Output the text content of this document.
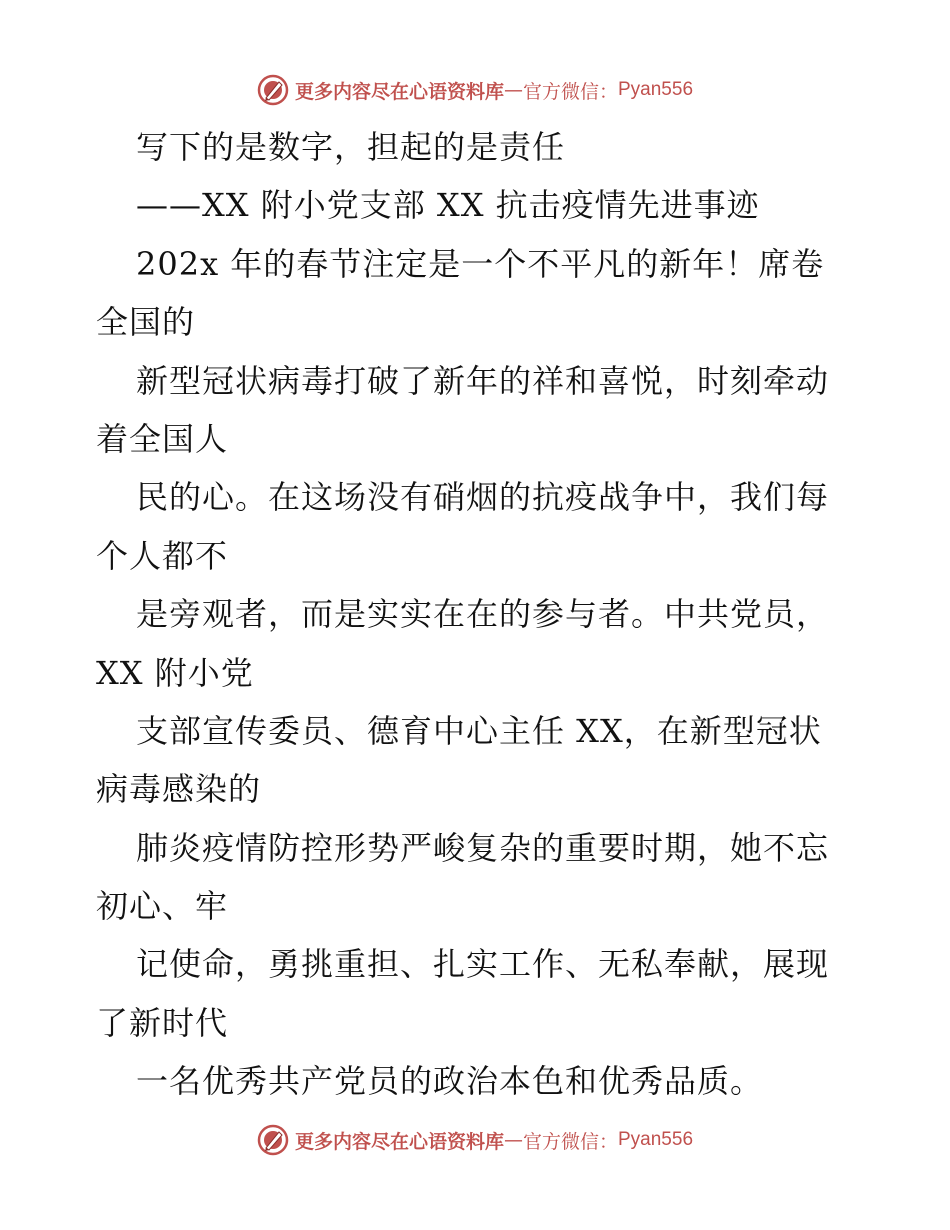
更多内容尽在心语资料库 — 官方微信： Pyan556
写下的是数字，担起的是责任
——XX 附小党支部 XX 抗击疫情先进事迹
202x 年的春节注定是一个不平凡的新年！席卷
全国的
新型冠状病毒打破了新年的祥和喜悦，时刻牵动
着全国人
民的心。在这场没有硝烟的抗疫战争中，我们每
个人都不
是旁观者，而是实实在在的参与者。中共党员，
XX 附小党
支部宣传委员、德育中心主任 XX，在新型冠状
病毒感染的
肺炎疫情防控形势严峻复杂的重要时期，她不忘
初心、牢
记使命，勇挑重担、扎实工作、无私奉献，展现
了新时代
一名优秀共产党员的政治本色和优秀品质。
更多内容尽在心语资料库 — 官方微信： Pyan556
